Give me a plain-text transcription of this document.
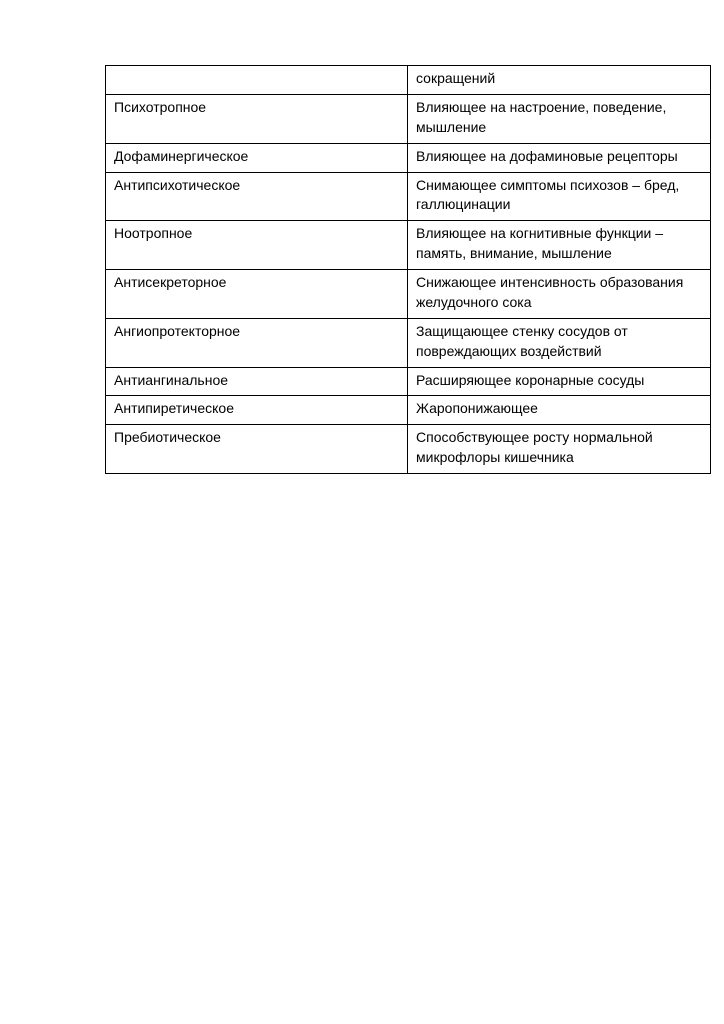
	сокращений
Психотропное	Влияющее на настроение, поведение, мышление
Дофаминергическое	Влияющее на дофаминовые рецепторы
Антипсихотическое	Снимающее симптомы психозов – бред, галлюцинации
Ноотропное	Влияющее на когнитивные функции – память, внимание, мышление
Антисекреторное	Снижающее интенсивность образования желудочного сока
Ангиопротекторное	Защищающее стенку сосудов от повреждающих воздействий
Антиангинальное	Расширяющее коронарные сосуды
Антипиретическое	Жаропонижающее
Пребиотическое	Способствующее росту нормальной микрофлоры кишечника
